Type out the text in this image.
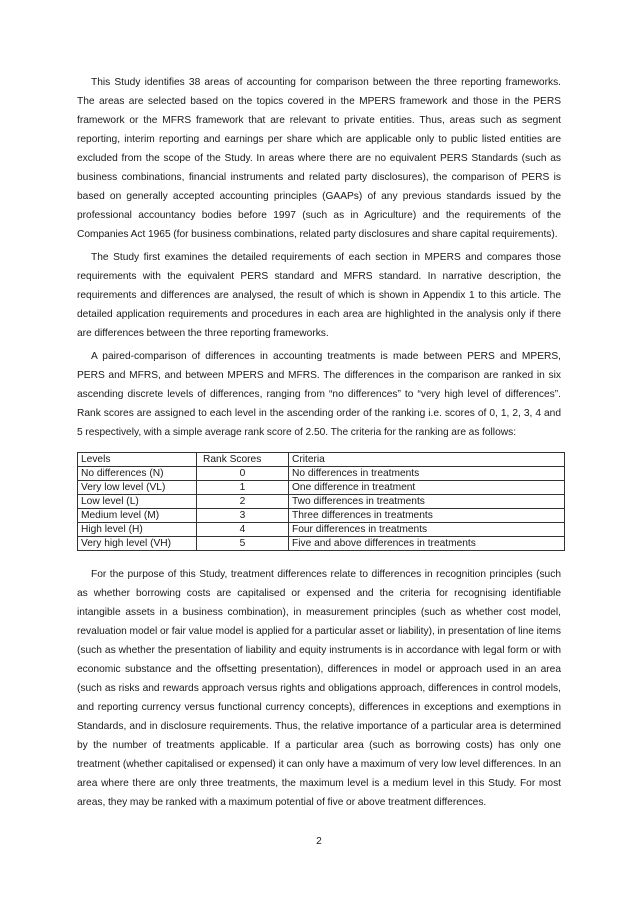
This Study identifies 38 areas of accounting for comparison between the three reporting frameworks. The areas are selected based on the topics covered in the MPERS framework and those in the PERS framework or the MFRS framework that are relevant to private entities. Thus, areas such as segment reporting, interim reporting and earnings per share which are applicable only to public listed entities are excluded from the scope of the Study. In areas where there are no equivalent PERS Standards (such as business combinations, financial instruments and related party disclosures), the comparison of PERS is based on generally accepted accounting principles (GAAPs) of any previous standards issued by the professional accountancy bodies before 1997 (such as in Agriculture) and the requirements of the Companies Act 1965 (for business combinations, related party disclosures and share capital requirements).

The Study first examines the detailed requirements of each section in MPERS and compares those requirements with the equivalent PERS standard and MFRS standard. In narrative description, the requirements and differences are analysed, the result of which is shown in Appendix 1 to this article. The detailed application requirements and procedures in each area are highlighted in the analysis only if there are differences between the three reporting frameworks.

A paired-comparison of differences in accounting treatments is made between PERS and MPERS, PERS and MFRS, and between MPERS and MFRS. The differences in the comparison are ranked in six ascending discrete levels of differences, ranging from “no differences” to “very high level of differences”. Rank scores are assigned to each level in the ascending order of the ranking i.e. scores of 0, 1, 2, 3, 4 and 5 respectively, with a simple average rank score of 2.50. The criteria for the ranking are as follows:

Levels	Rank Scores	Criteria
No differences (N)	0	No differences in treatments
Very low level (VL)	1	One difference in treatment
Low level (L)	2	Two differences in treatments
Medium level (M)	3	Three differences in treatments
High level (H)	4	Four differences in treatments
Very high level (VH)	5	Five and above differences in treatments

For the purpose of this Study, treatment differences relate to differences in recognition principles (such as whether borrowing costs are capitalised or expensed and the criteria for recognising identifiable intangible assets in a business combination), in measurement principles (such as whether cost model, revaluation model or fair value model is applied for a particular asset or liability), in presentation of line items (such as whether the presentation of liability and equity instruments is in accordance with legal form or with economic substance and the offsetting presentation), differences in model or approach used in an area (such as risks and rewards approach versus rights and obligations approach, differences in control models, and reporting currency versus functional currency concepts), differences in exceptions and exemptions in Standards, and in disclosure requirements. Thus, the relative importance of a particular area is determined by the number of treatments applicable. If a particular area (such as borrowing costs) has only one treatment (whether capitalised or expensed) it can only have a maximum of very low level differences. In an area where there are only three treatments, the maximum level is a medium level in this Study. For most areas, they may be ranked with a maximum potential of five or above treatment differences.

2
